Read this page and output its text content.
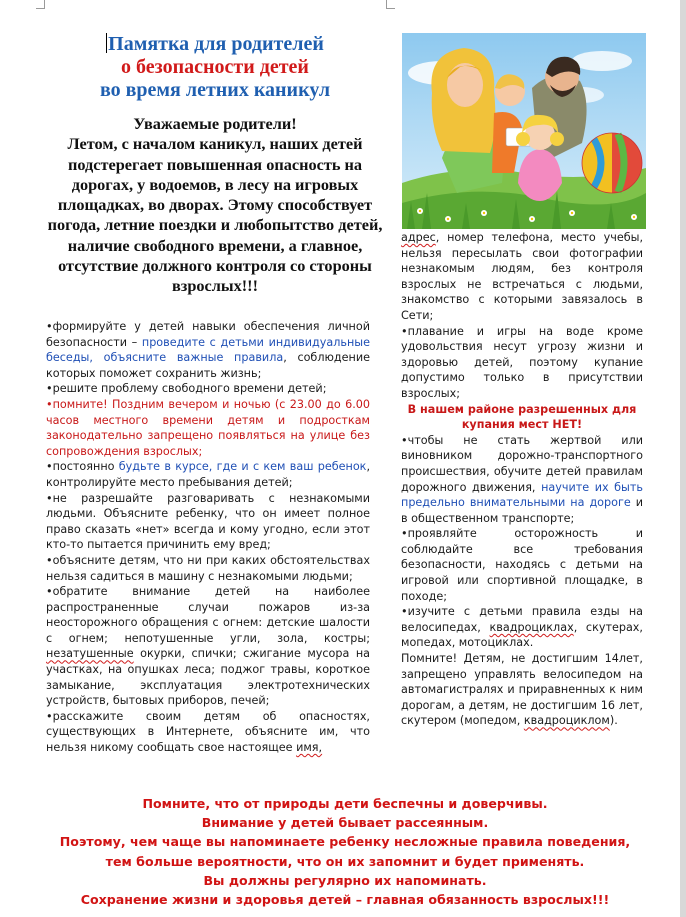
Памятка для родителей
о безопасности детей
во время летних каникул
Уважаемые родители!
Летом, с началом каникул, наших детей подстерегает повышенная опасность на дорогах, у водоемов, в лесу на игровых площадках, во дворах. Этому способствует погода, летние поездки и любопытство детей, наличие свободного времени, а главное, отсутствие должного контроля со стороны взрослых!!!

•формируйте у детей навыки обеспечения личной безопасности – проведите с детьми индивидуальные беседы, объясните важные правила, соблюдение которых поможет сохранить жизнь;

•решите проблему свободного времени детей;

•помните! Поздним вечером и ночью (с 23.00 до 6.00 часов местного времени детям и подросткам законодательно запрещено появляться на улице без сопровождения взрослых;

•постоянно будьте в курсе, где и с кем ваш ребенок, контролируйте место пребывания детей;

•не разрешайте разговаривать с незнакомыми людьми. Объясните ребенку, что он имеет полное право сказать «нет» всегда и кому угодно, если этот кто-то пытается причинить ему вред;

•объясните детям, что ни при каких обстоятельствах нельзя садиться в машину с незнакомыми людьми;

•обратите внимание детей на наиболее распространенные случаи пожаров из-за неосторожного обращения с огнем: детские шалости с огнем; непотушенные угли, зола, костры; незатушенные окурки, спички; сжигание мусора на участках, на опушках леса; поджог травы, короткое замыкание, эксплуатация электротехнических устройств, бытовых приборов, печей;

•расскажите своим детям об опасностях, существующих в Интернете, объясните им, что нельзя никому сообщать свое настоящее имя,

адрес, номер телефона, место учебы, нельзя пересылать свои фотографии незнакомым людям, без контроля взрослых не встречаться с людьми, знакомство с которыми завязалось в Сети;

•плавание и игры на воде кроме удовольствия несут угрозу жизни и здоровью детей, поэтому купание допустимо только в присутствии взрослых;

В нашем районе разрешенных для купания мест НЕТ!

•чтобы не стать жертвой или виновником дорожно-транспортного происшествия, обучите детей правилам дорожного движения, научите их быть предельно внимательными на дороге и в общественном транспорте;

•проявляйте осторожность и соблюдайте все требования безопасности, находясь с детьми на игровой или спортивной площадке, в походе;

•изучите с детьми правила езды на велосипедах, квадроциклах, скутерах, мопедах, мотоциклах.

Помните! Детям, не достигшим 14лет, запрещено управлять велосипедом на автомагистралях и приравненных к ним дорогам, а детям, не достигшим 16 лет, скутером (мопедом, квадроциклом).

Помните, что от природы дети беспечны и доверчивы.
Внимание у детей бывает рассеянным.
Поэтому, чем чаще вы напоминаете ребенку несложные правила поведения,
тем больше вероятности, что он их запомнит и будет применять.
Вы должны регулярно их напоминать.
Сохранение жизни и здоровья детей – главная обязанность взрослых!!!
